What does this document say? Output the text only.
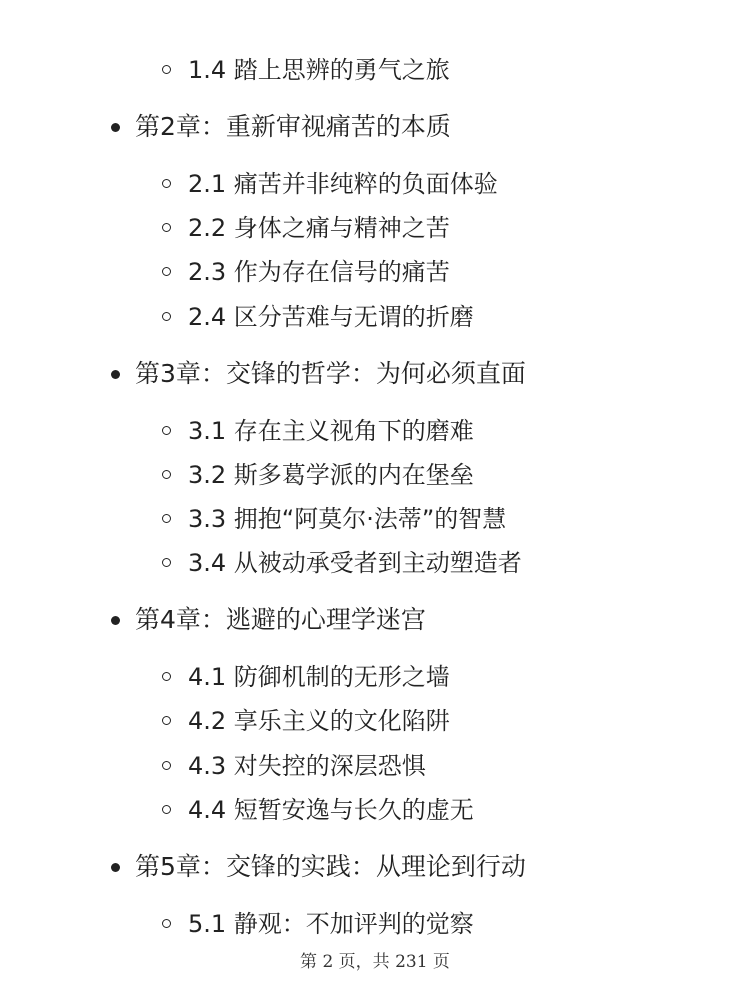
1.4 踏上思辨的勇气之旅
第2章：重新审视痛苦的本质
2.1 痛苦并非纯粹的负面体验
2.2 身体之痛与精神之苦
2.3 作为存在信号的痛苦
2.4 区分苦难与无谓的折磨
第3章：交锋的哲学：为何必须直面
3.1 存在主义视角下的磨难
3.2 斯多葛学派的内在堡垒
3.3 拥抱“阿莫尔·法蒂”的智慧
3.4 从被动承受者到主动塑造者
第4章：逃避的心理学迷宫
4.1 防御机制的无形之墙
4.2 享乐主义的文化陷阱
4.3 对失控的深层恐惧
4.4 短暂安逸与长久的虚无
第5章：交锋的实践：从理论到行动
5.1 静观：不加评判的觉察
第 2 页，共 231 页
